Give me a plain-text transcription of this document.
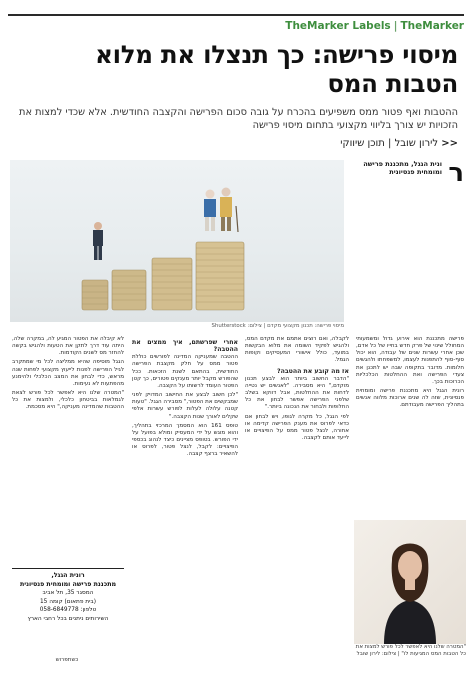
TheMarker Labels | TheMarker
מיסוי פרישה: כך תנצלו את מלוא הטבות המס
ההטבות ואף פטור ממס משפיעים בהכרח על גובה סכום הפרישה והקצבה החודשית. אלא שכדי למצות את הזכויות יש צורך בליווי מקצועי בתחום מיסוי פרישה
<< לירון שובל | תוכן שיווקי
מיסוי פרישה: תכנון מקצועי מקדם | צילום: Shutterstock
ר
ונית הגגל, מתכננת פרישה ומומחית פנסיונית

פרישה מתכננת הוא אירוע גדול ומשמעותי המחולל שינוי של פרק חדש בחייו של כל אדם, שכן אחרי עשרות שנים של עבודה, הוא יכול סוף-סוף להתפנות לעצמו, למשפחתו ולהגשים חלומות. מדובר בתקופה שבה יש לתכנן את צעדי הפרישה ואת ההחלטות הכלכליות הכרוכות בכך.

רונית הגגל היא מתכננת פרישה ומומחית פנסיונית, שזה לה שנים ארוכות מלווה אנשים בתהליך הפרישה מעבודתם.

לקבלה, ואם רוצים אתמם את מקדם המס, ולהגיש לפקיד השומה את מלוא הבקשות במועד, כולל אישורי המעסיקים וקופות הגמל.

אז מה קובע את ההטבה?

"הדבר החשוב ביותר הוא לבצע תכנון מוקדם," היא מסבירה. "לאנשים יש נטייה לדחות את ההחלטות, אבל דווקא בשלב שלפני הפרישה אפשר לבחון את כל החלופות ולבחור את הנכונה ביותר."

לפי הגגל, כל מקרה לגופו, ויש לבחון אם כדאי לפרוס את מענק הפרישה קדימה או אחורה, לנצל פטור ממס על הפיצויים או לייעד אותם לקצבה.

אחרי שפרשתם, איך ממצים את ההטבה?

ההטבה שמעניקה המדינה לפורשים כוללת פטור ממס על חלק מקצבת הפרישה החודשית, בהתאם לשנת הזכאות. ככל שהפורש מקבל יותר מענקים פטורים, כך קטן הפטור העומד לרשותו על הקצבה.

"לכן חשוב לבצע את החישוב המדויק לפני שמבקשים את הפטור," מסבירה הגגל. "טעות קטנה עלולה לעלות לפורש עשרות אלפי שקלים לאורך שנות הקצבה."

טופס 161 הוא המסמך המרכזי בתהליך, והוא מוגש על ידי המעסיק ומולא בפועל על ידי הפורש. בטופס מציינים כיצד לנהוג בכספי הפיצויים: לקבל, לנצל פטור, לפרוס או להשאיר ברצף קצבה.

לא קיבלה את הפטור המגיע לה, במקרה שלה, היתה עוד דרך לתקן את הטעות ולהגיש בקשה להחזר מס לשנים הקודמות.

הגגל מוסיפה שהיא ממליצה לכל מי שמתקרב לגיל הפרישה לפנות לייעוץ מקצועי לפחות שנה מראש, כדי לבחון את המצב הכלכלי ולהימנע מהפתעות לא נעימות.

"המטרה שלנו היא לאפשר לכל פורש לצאת לגמלאות בביטחון כלכלי, ולמצות את כל ההטבות שהמדינה מעניקה," היא מסכמת.

"המטרה שלנו היא לאפשר לכל פורש למצות את כל הטבות המס המגיעות לו" | צילום: לירון שובל
רונית הגגל,
מתכננת פרישה ומומחית פנסיונית
המסגר 35, תל אביב
(בית פתאום) קומה 15
טלפון: 058-6849778
השירותים ניתנים בכל רחבי הארץ
כשתפרוש
